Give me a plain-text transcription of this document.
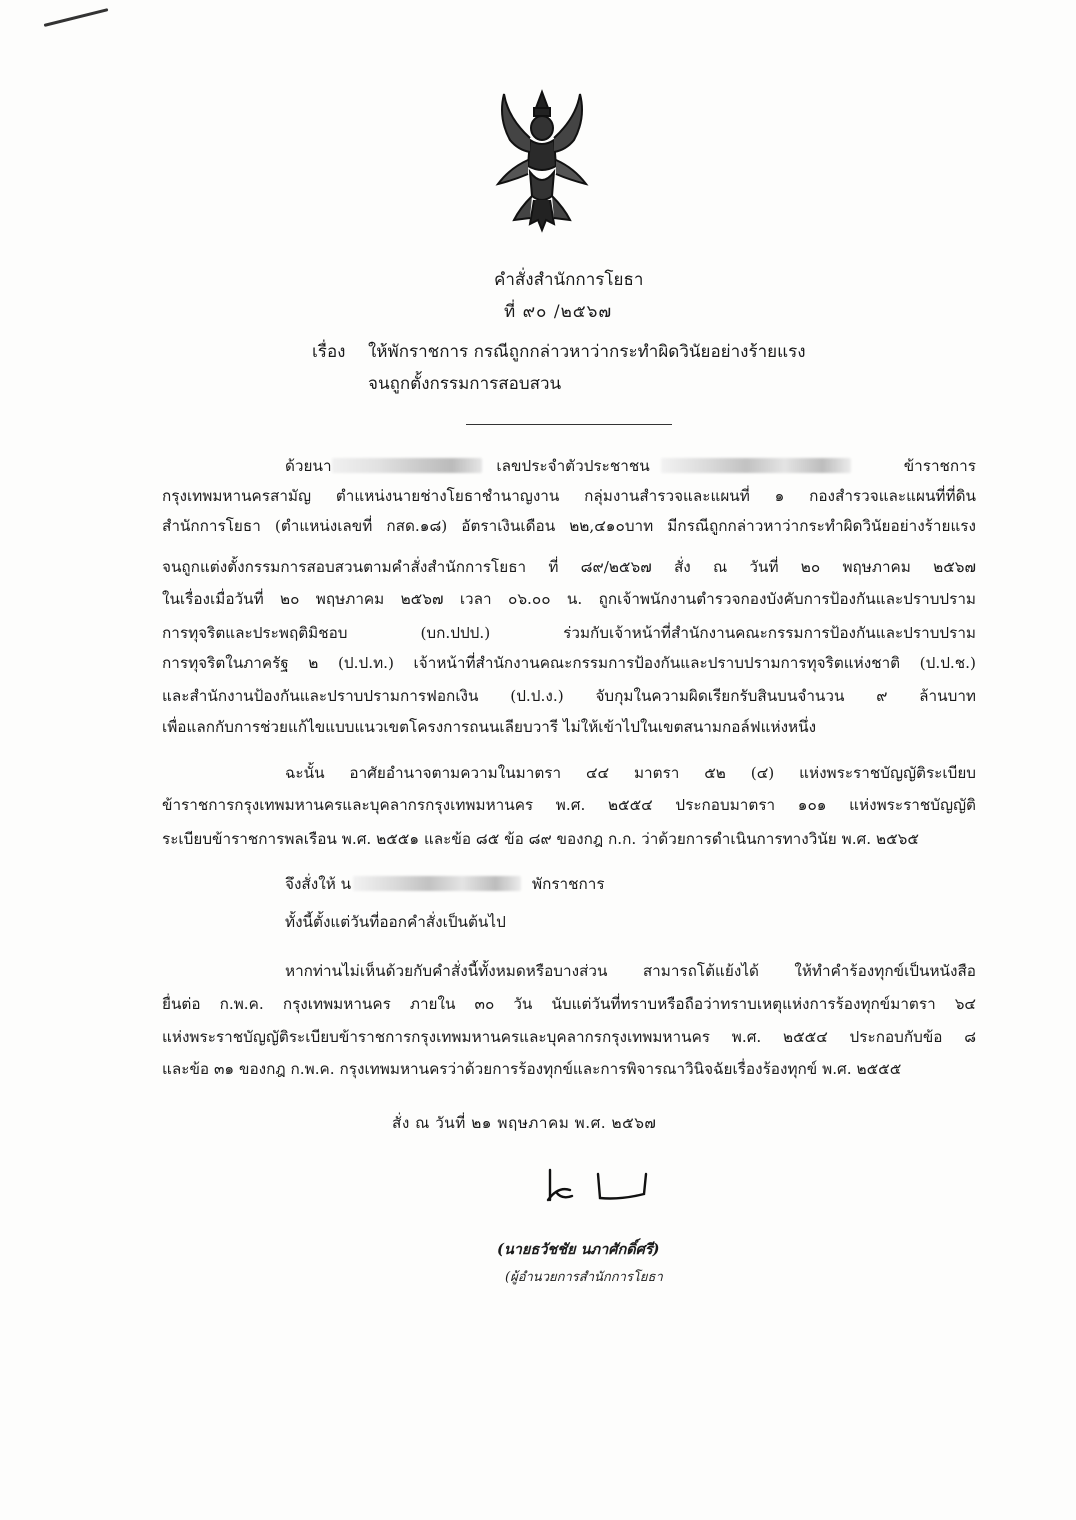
คำสั่งสำนักการโยธา
ที่ ๙๐ /๒๕๖๗
เรื่อง ให้พักราชการ กรณีถูกกล่าวหาว่ากระทำผิดวินัยอย่างร้ายแรง
จนถูกตั้งกรรมการสอบสวน
ด้วยนา	เลขประจำตัวประชาชน	ข้าราชการ
กรุงเทพมหานครสามัญ ตำแหน่งนายช่างโยธาชำนาญงาน กลุ่มงานสำรวจและแผนที่ ๑ กองสำรวจและแผนที่ที่ดิน
สำนักการโยธา (ตำแหน่งเลขที่ กสด.๑๘) อัตราเงินเดือน ๒๒,๔๑๐บาท มีกรณีถูกกล่าวหาว่ากระทำผิดวินัยอย่างร้ายแรง
จนถูกแต่งตั้งกรรมการสอบสวนตามคำสั่งสำนักการโยธา ที่ ๘๙/๒๕๖๗ สั่ง ณ วันที่ ๒๐ พฤษภาคม ๒๕๖๗
ในเรื่องเมื่อวันที่ ๒๐ พฤษภาคม ๒๕๖๗ เวลา ๐๖.๐๐ น. ถูกเจ้าพนักงานตำรวจกองบังคับการป้องกันและปราบปราม
การทุจริตและประพฤติมิชอบ (บก.ปปป.) ร่วมกับเจ้าหน้าที่สำนักงานคณะกรรมการป้องกันและปราบปราม
การทุจริตในภาครัฐ ๒ (ป.ป.ท.) เจ้าหน้าที่สำนักงานคณะกรรมการป้องกันและปราบปรามการทุจริตแห่งชาติ (ป.ป.ช.)
และสำนักงานป้องกันและปราบปรามการฟอกเงิน (ป.ป.ง.) จับกุมในความผิดเรียกรับสินบนจำนวน ๙ ล้านบาท
เพื่อแลกกับการช่วยแก้ไขแบบแนวเขตโครงการถนนเลียบวารี ไม่ให้เข้าไปในเขตสนามกอล์ฟแห่งหนึ่ง
ฉะนั้น อาศัยอำนาจตามความในมาตรา ๔๔ มาตรา ๕๒ (๔) แห่งพระราชบัญญัติระเบียบ
ข้าราชการกรุงเทพมหานครและบุคลากรกรุงเทพมหานคร พ.ศ. ๒๕๕๔ ประกอบมาตรา ๑๐๑ แห่งพระราชบัญญัติ
ระเบียบข้าราชการพลเรือน พ.ศ. ๒๕๕๑ และข้อ ๘๕ ข้อ ๘๙ ของกฎ ก.ก. ว่าด้วยการดำเนินการทางวินัย พ.ศ. ๒๕๖๕
จึงสั่งให้ น	พักราชการ
ทั้งนี้ตั้งแต่วันที่ออกคำสั่งเป็นต้นไป
หากท่านไม่เห็นด้วยกับคำสั่งนี้ทั้งหมดหรือบางส่วน สามารถโต้แย้งได้ ให้ทำคำร้องทุกข์เป็นหนังสือ
ยื่นต่อ ก.พ.ค. กรุงเทพมหานคร ภายใน ๓๐ วัน นับแต่วันที่ทราบหรือถือว่าทราบเหตุแห่งการร้องทุกข์มาตรา ๖๔
แห่งพระราชบัญญัติระเบียบข้าราชการกรุงเทพมหานครและบุคลากรกรุงเทพมหานคร พ.ศ. ๒๕๕๔ ประกอบกับข้อ ๘
และข้อ ๓๑ ของกฎ ก.พ.ค. กรุงเทพมหานครว่าด้วยการร้องทุกข์และการพิจารณาวินิจฉัยเรื่องร้องทุกข์ พ.ศ. ๒๕๕๕
สั่ง ณ วันที่ ๒๑ พฤษภาคม พ.ศ. ๒๕๖๗
(นายธวัชชัย นภาศักดิ์ศรี)
(ผู้อำนวยการสำนักการโยธา
